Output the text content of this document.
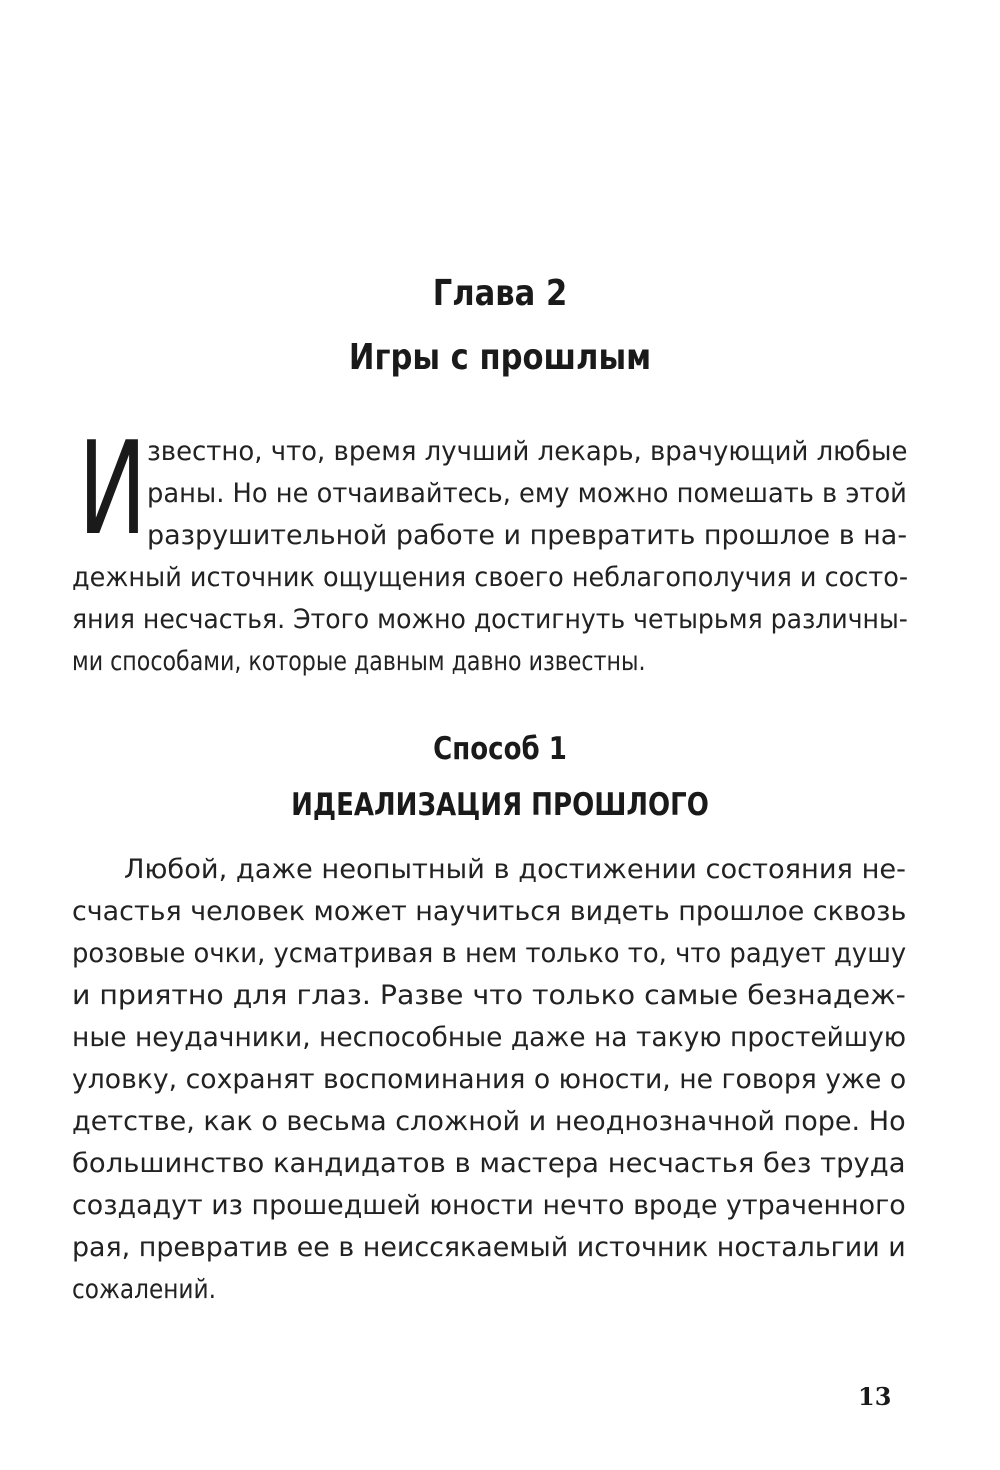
Глава 2
Игры с прошлым
И звестно, что, время лучший лекарь, врачующий любые

раны. Но не отчаивайтесь, ему можно помешать в этой

разрушительной работе и превратить прошлое в на-

дежный источник ощущения своего неблагополучия и состо-

яния несчастья. Этого можно достигнуть четырьмя различны-

ми способами, которые давным давно известны.

Способ 1
ИДЕАЛИЗАЦИЯ ПРОШЛОГО

Любой, даже неопытный в достижении состояния не-

счастья человек может научиться видеть прошлое сквозь

розовые очки, усматривая в нем только то, что радует душу

и приятно для глаз. Разве что только самые безнадеж-

ные неудачники, неспособные даже на такую простейшую

уловку, сохранят воспоминания о юности, не говоря уже о

детстве, как о весьма сложной и неоднозначной поре. Но

большинство кандидатов в мастера несчастья без труда

создадут из прошедшей юности нечто вроде утраченного

рая, превратив ее в неиссякаемый источник ностальгии и

сожалений.

13
